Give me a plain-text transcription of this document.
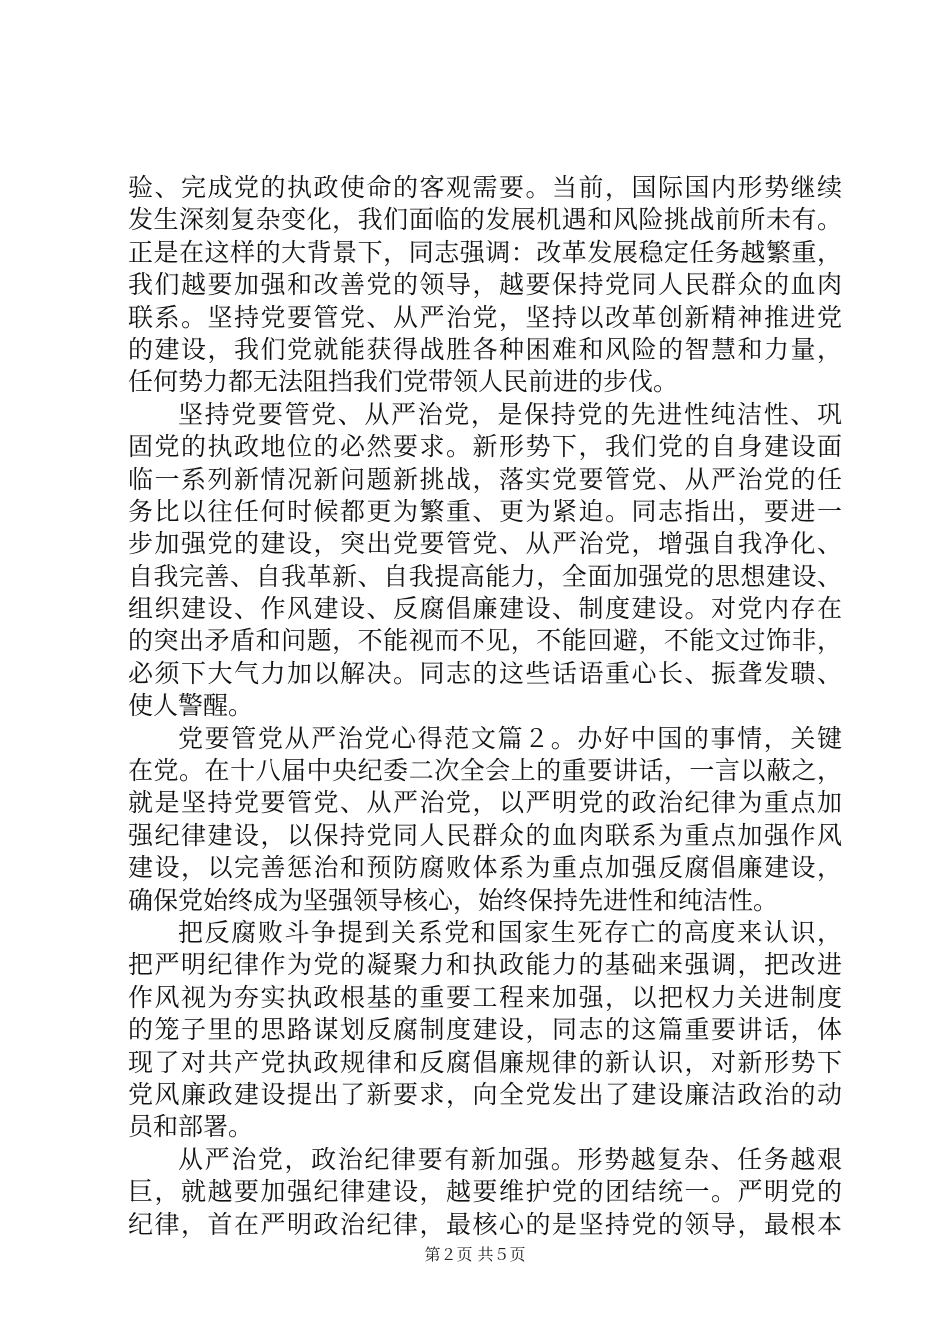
验、完成党的执政使命的客观需要。当前，国际国内形势继续
发生深刻复杂变化，我们面临的发展机遇和风险挑战前所未有。
正是在这样的大背景下，同志强调：改革发展稳定任务越繁重，
我们越要加强和改善党的领导，越要保持党同人民群众的血肉
联系。坚持党要管党、从严治党，坚持以改革创新精神推进党
的建设，我们党就能获得战胜各种困难和风险的智慧和力量，
任何势力都无法阻挡我们党带领人民前进的步伐。
坚持党要管党、从严治党，是保持党的先进性纯洁性、巩
固党的执政地位的必然要求。新形势下，我们党的自身建设面
临一系列新情况新问题新挑战，落实党要管党、从严治党的任
务比以往任何时候都更为繁重、更为紧迫。同志指出，要进一
步加强党的建设，突出党要管党、从严治党，增强自我净化、
自我完善、自我革新、自我提高能力，全面加强党的思想建设、
组织建设、作风建设、反腐倡廉建设、制度建设。对党内存在
的突出矛盾和问题，不能视而不见，不能回避，不能文过饰非，
必须下大气力加以解决。同志的这些话语重心长、振聋发聩、
使人警醒。
党要管党从严治党心得范文篇２。办好中国的事情，关键
在党。在十八届中央纪委二次全会上的重要讲话，一言以蔽之，
就是坚持党要管党、从严治党，以严明党的政治纪律为重点加
强纪律建设，以保持党同人民群众的血肉联系为重点加强作风
建设，以完善惩治和预防腐败体系为重点加强反腐倡廉建设，
确保党始终成为坚强领导核心，始终保持先进性和纯洁性。
把反腐败斗争提到关系党和国家生死存亡的高度来认识，
把严明纪律作为党的凝聚力和执政能力的基础来强调，把改进
作风视为夯实执政根基的重要工程来加强，以把权力关进制度
的笼子里的思路谋划反腐制度建设，同志的这篇重要讲话，体
现了对共产党执政规律和反腐倡廉规律的新认识，对新形势下
党风廉政建设提出了新要求，向全党发出了建设廉洁政治的动
员和部署。
从严治党，政治纪律要有新加强。形势越复杂、任务越艰
巨，就越要加强纪律建设，越要维护党的团结统一。严明党的
纪律，首在严明政治纪律，最核心的是坚持党的领导，最根本
第２页 共５页
